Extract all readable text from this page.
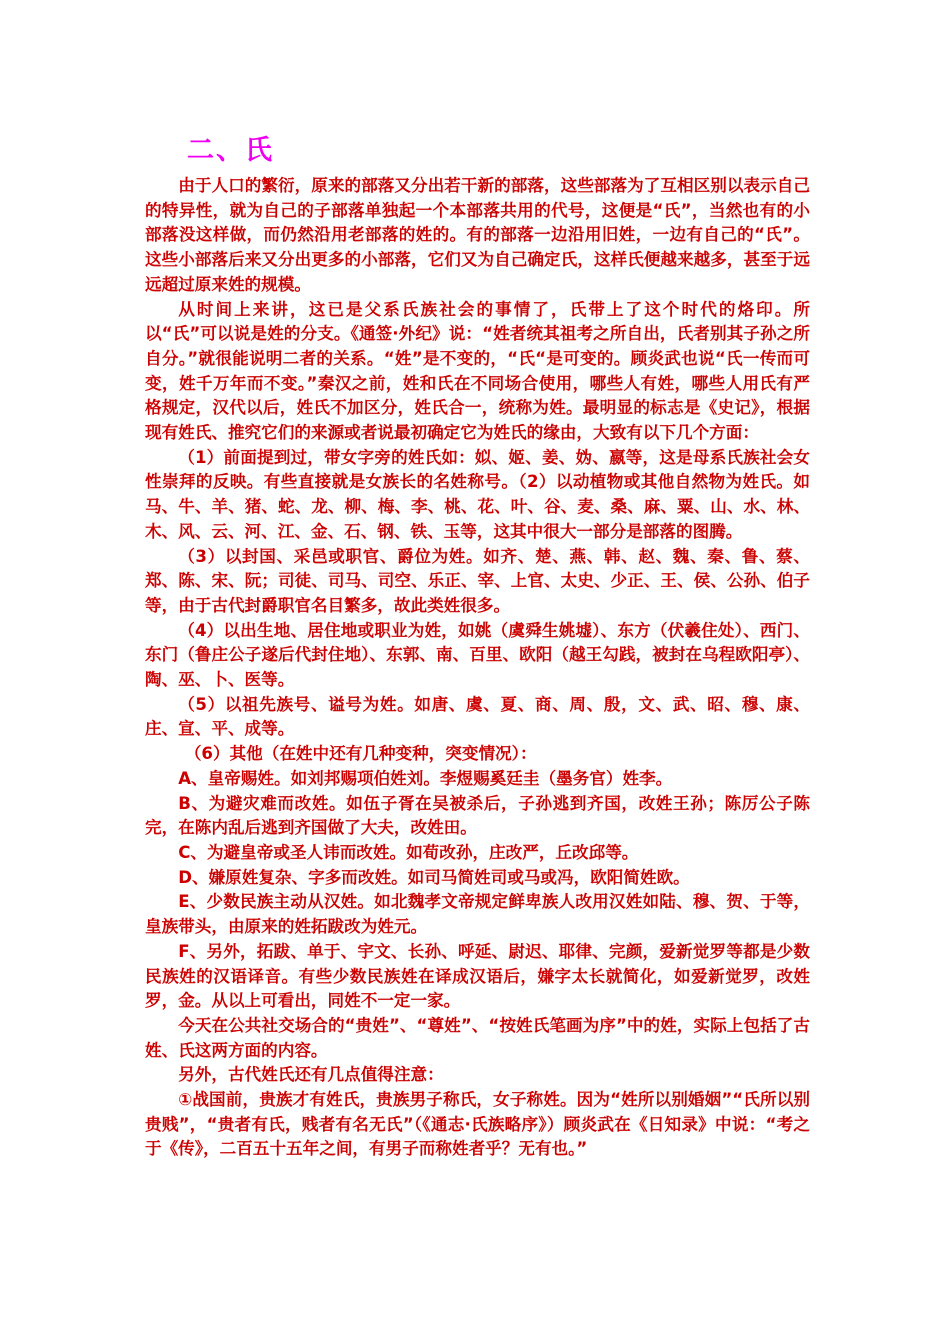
二、氏

由于人口的繁衍，原来的部落又分出若干新的部落，这些部落为了互相区别以表示自己的特异性，就为自己的子部落单独起一个本部落共用的代号，这便是“氏”，当然也有的小部落没这样做，而仍然沿用老部落的姓的。有的部落一边沿用旧姓，一边有自己的“氏”。这些小部落后来又分出更多的小部落，它们又为自己确定氏，这样氏便越来越多，甚至于远远超过原来姓的规模。

从时间上来讲，这已是父系氏族社会的事情了，氏带上了这个时代的烙印。所以“氏”可以说是姓的分支。《通签·外纪》说：“姓者统其祖考之所自出，氏者别其子孙之所自分。”就很能说明二者的关系。“姓”是不变的，“氏“是可变的。顾炎武也说“氏一传而可变，姓千万年而不变。”秦汉之前，姓和氏在不同场合使用，哪些人有姓，哪些人用氏有严格规定，汉代以后，姓氏不加区分，姓氏合一，统称为姓。最明显的标志是《史记》，根据现有姓氏、推究它们的来源或者说最初确定它为姓氏的缘由，大致有以下几个方面：

（1）前面提到过，带女字旁的姓氏如：姒、姬、姜、妫、嬴等，这是母系氏族社会女性崇拜的反映。有些直接就是女族长的名姓称号。（2）以动植物或其他自然物为姓氏。如马、牛、羊、猪、蛇、龙、柳、梅、李、桃、花、叶、谷、麦、桑、麻、粟、山、水、林、木、风、云、河、江、金、石、钢、铁、玉等，这其中很大一部分是部落的图腾。

（3）以封国、采邑或职官、爵位为姓。如齐、楚、燕、韩、赵、魏、秦、鲁、蔡、郑、陈、宋、阮；司徒、司马、司空、乐正、宰、上官、太史、少正、王、侯、公孙、伯子等，由于古代封爵职官名目繁多，故此类姓很多。

（4）以出生地、居住地或职业为姓，如姚（虞舜生姚墟）、东方（伏羲住处）、西门、东门（鲁庄公子遂后代封住地）、东郭、南、百里、欧阳（越王勾践，被封在乌程欧阳亭）、陶、巫、卜、医等。

（5）以祖先族号、谥号为姓。如唐、虞、夏、商、周、殷，文、武、昭、穆、康、庄、宣、平、成等。

（6）其他（在姓中还有几种变种，突变情况）：

A、皇帝赐姓。如刘邦赐项伯姓刘。李煜赐奚廷圭（墨务官）姓李。

B、为避灾难而改姓。如伍子胥在吴被杀后，子孙逃到齐国，改姓王孙；陈厉公子陈完，在陈内乱后逃到齐国做了大夫，改姓田。

C、为避皇帝或圣人讳而改姓。如荀改孙，庄改严，丘改邱等。

D、嫌原姓复杂、字多而改姓。如司马简姓司或马或冯，欧阳简姓欧。

E、少数民族主动从汉姓。如北魏孝文帝规定鲜卑族人改用汉姓如陆、穆、贺、于等，皇族带头，由原来的姓拓跋改为姓元。

F、另外，拓跋、单于、宇文、长孙、呼延、尉迟、耶律、完颜，爱新觉罗等都是少数民族姓的汉语译音。有些少数民族姓在译成汉语后，嫌字太长就简化，如爱新觉罗，改姓罗，金。从以上可看出，同姓不一定一家。

今天在公共社交场合的“贵姓”、“尊姓”、“按姓氏笔画为序”中的姓，实际上包括了古姓、氏这两方面的内容。

另外，古代姓氏还有几点值得注意：

①战国前，贵族才有姓氏，贵族男子称氏，女子称姓。因为“姓所以别婚姻”“氏所以别贵贱”，“贵者有氏，贱者有名无氏”（《通志·氏族略序》）顾炎武在《日知录》中说：“考之于《传》，二百五十五年之间，有男子而称姓者乎？无有也。”
